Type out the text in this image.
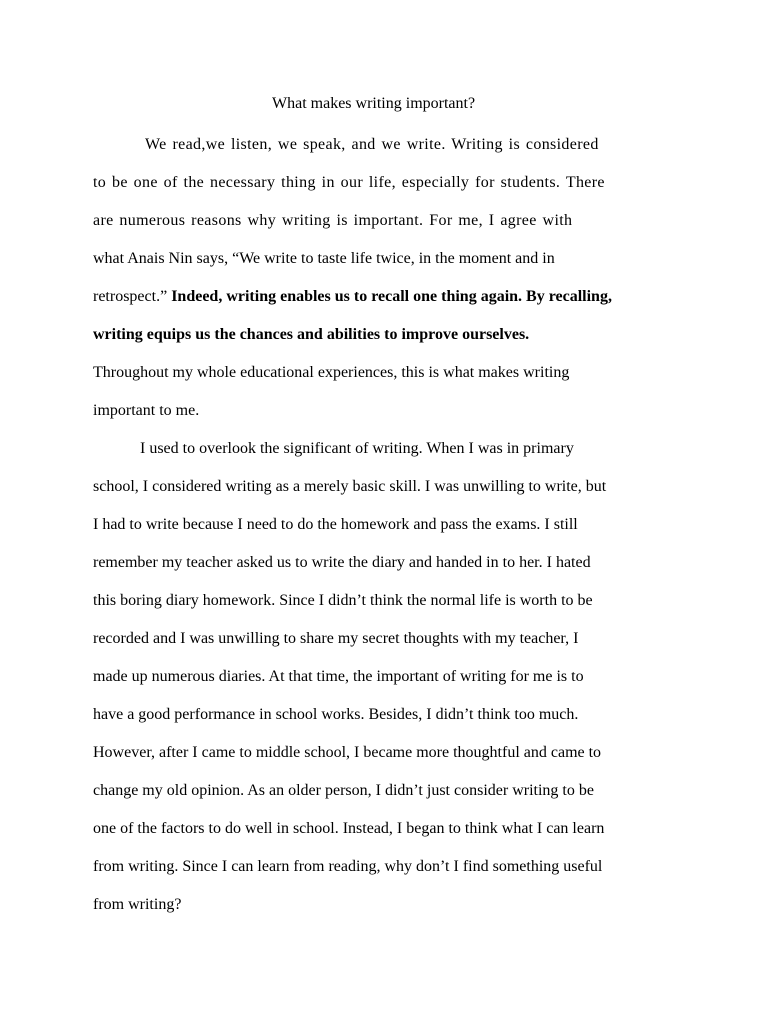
What makes writing important?
We read,we listen, we speak, and we write. Writing is considered
to be one of the necessary thing in our life, especially for students. There
are numerous reasons why writing is important. For me, I agree with
what Anais Nin says, “We write to taste life twice, in the moment and in
retrospect.” Indeed, writing enables us to recall one thing again. By recalling,
writing equips us the chances and abilities to improve ourselves.
Throughout my whole educational experiences, this is what makes writing
important to me.
I used to overlook the significant of writing. When I was in primary
school, I considered writing as a merely basic skill. I was unwilling to write, but
I had to write because I need to do the homework and pass the exams. I still
remember my teacher asked us to write the diary and handed in to her. I hated
this boring diary homework. Since I didn’t think the normal life is worth to be
recorded and I was unwilling to share my secret thoughts with my teacher, I
made up numerous diaries. At that time, the important of writing for me is to
have a good performance in school works. Besides, I didn’t think too much.
However, after I came to middle school, I became more thoughtful and came to
change my old opinion. As an older person, I didn’t just consider writing to be
one of the factors to do well in school. Instead, I began to think what I can learn
from writing. Since I can learn from reading, why don’t I find something useful
from writing?
